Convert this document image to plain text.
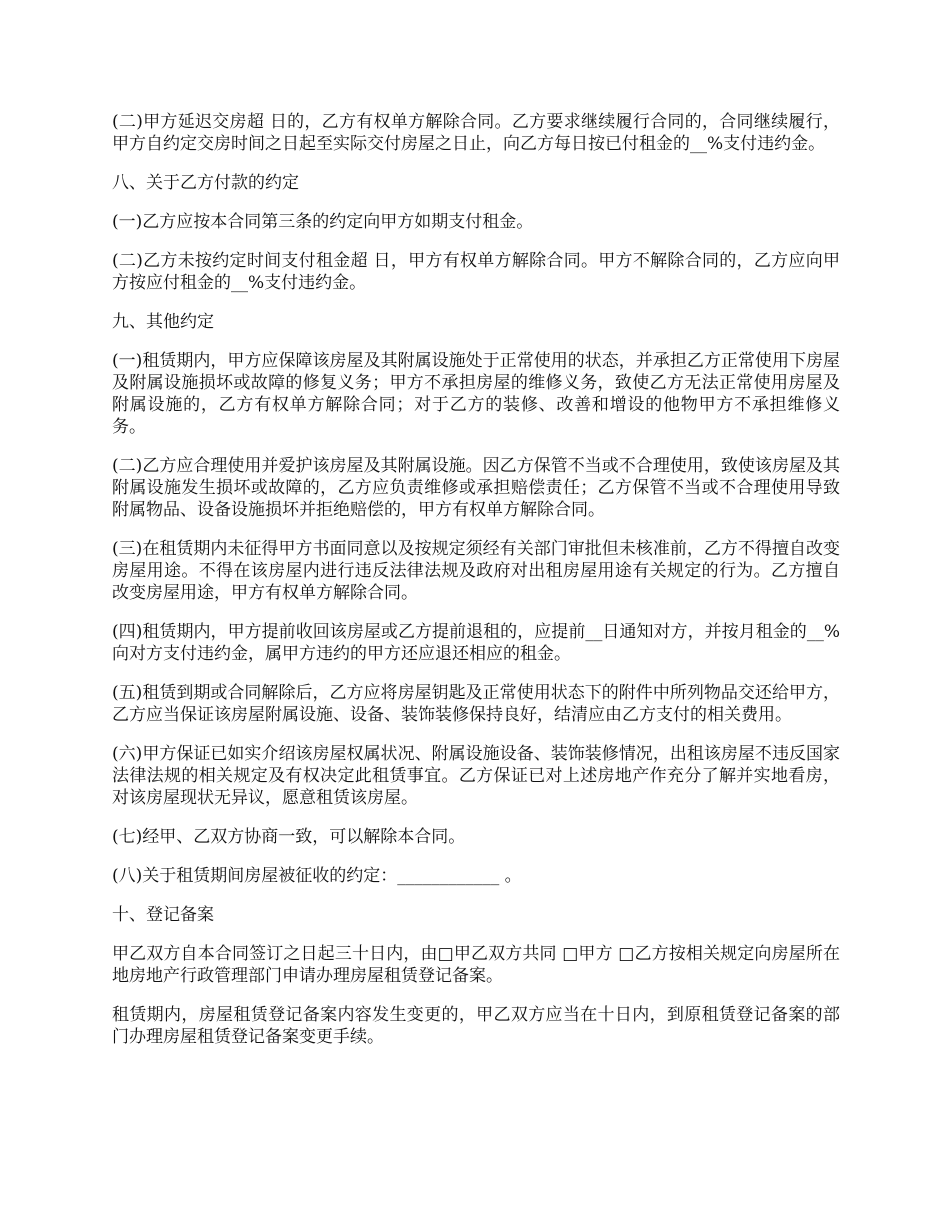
(二)甲方延迟交房超 日的，乙方有权单方解除合同。乙方要求继续履行合同的，合同继续履行，甲方自约定交房时间之日起至实际交付房屋之日止，向乙方每日按已付租金的__%支付违约金。

八、关于乙方付款的约定

(一)乙方应按本合同第三条的约定向甲方如期支付租金。

(二)乙方未按约定时间支付租金超 日，甲方有权单方解除合同。甲方不解除合同的，乙方应向甲方按应付租金的__%支付违约金。

九、其他约定

(一)租赁期内，甲方应保障该房屋及其附属设施处于正常使用的状态，并承担乙方正常使用下房屋及附属设施损坏或故障的修复义务；甲方不承担房屋的维修义务，致使乙方无法正常使用房屋及附属设施的，乙方有权单方解除合同；对于乙方的装修、改善和增设的他物甲方不承担维修义务。

(二)乙方应合理使用并爱护该房屋及其附属设施。因乙方保管不当或不合理使用，致使该房屋及其附属设施发生损坏或故障的，乙方应负责维修或承担赔偿责任；乙方保管不当或不合理使用导致附属物品、设备设施损坏并拒绝赔偿的，甲方有权单方解除合同。

(三)在租赁期内未征得甲方书面同意以及按规定须经有关部门审批但未核准前，乙方不得擅自改变房屋用途。不得在该房屋内进行违反法律法规及政府对出租房屋用途有关规定的行为。乙方擅自改变房屋用途，甲方有权单方解除合同。

(四)租赁期内，甲方提前收回该房屋或乙方提前退租的，应提前__日通知对方，并按月租金的__%向对方支付违约金，属甲方违约的甲方还应退还相应的租金。

(五)租赁到期或合同解除后，乙方应将房屋钥匙及正常使用状态下的附件中所列物品交还给甲方，乙方应当保证该房屋附属设施、设备、装饰装修保持良好，结清应由乙方支付的相关费用。

(六)甲方保证已如实介绍该房屋权属状况、附属设施设备、装饰装修情况，出租该房屋不违反国家法律法规的相关规定及有权决定此租赁事宜。乙方保证已对上述房地产作充分了解并实地看房，对该房屋现状无异议，愿意租赁该房屋。

(七)经甲、乙双方协商一致，可以解除本合同。

(八)关于租赁期间房屋被征收的约定：____________ 。

十、登记备案

甲乙双方自本合同签订之日起三十日内，由□甲乙双方共同 □甲方 □乙方按相关规定向房屋所在地房地产行政管理部门申请办理房屋租赁登记备案。

租赁期内，房屋租赁登记备案内容发生变更的，甲乙双方应当在十日内，到原租赁登记备案的部门办理房屋租赁登记备案变更手续。
